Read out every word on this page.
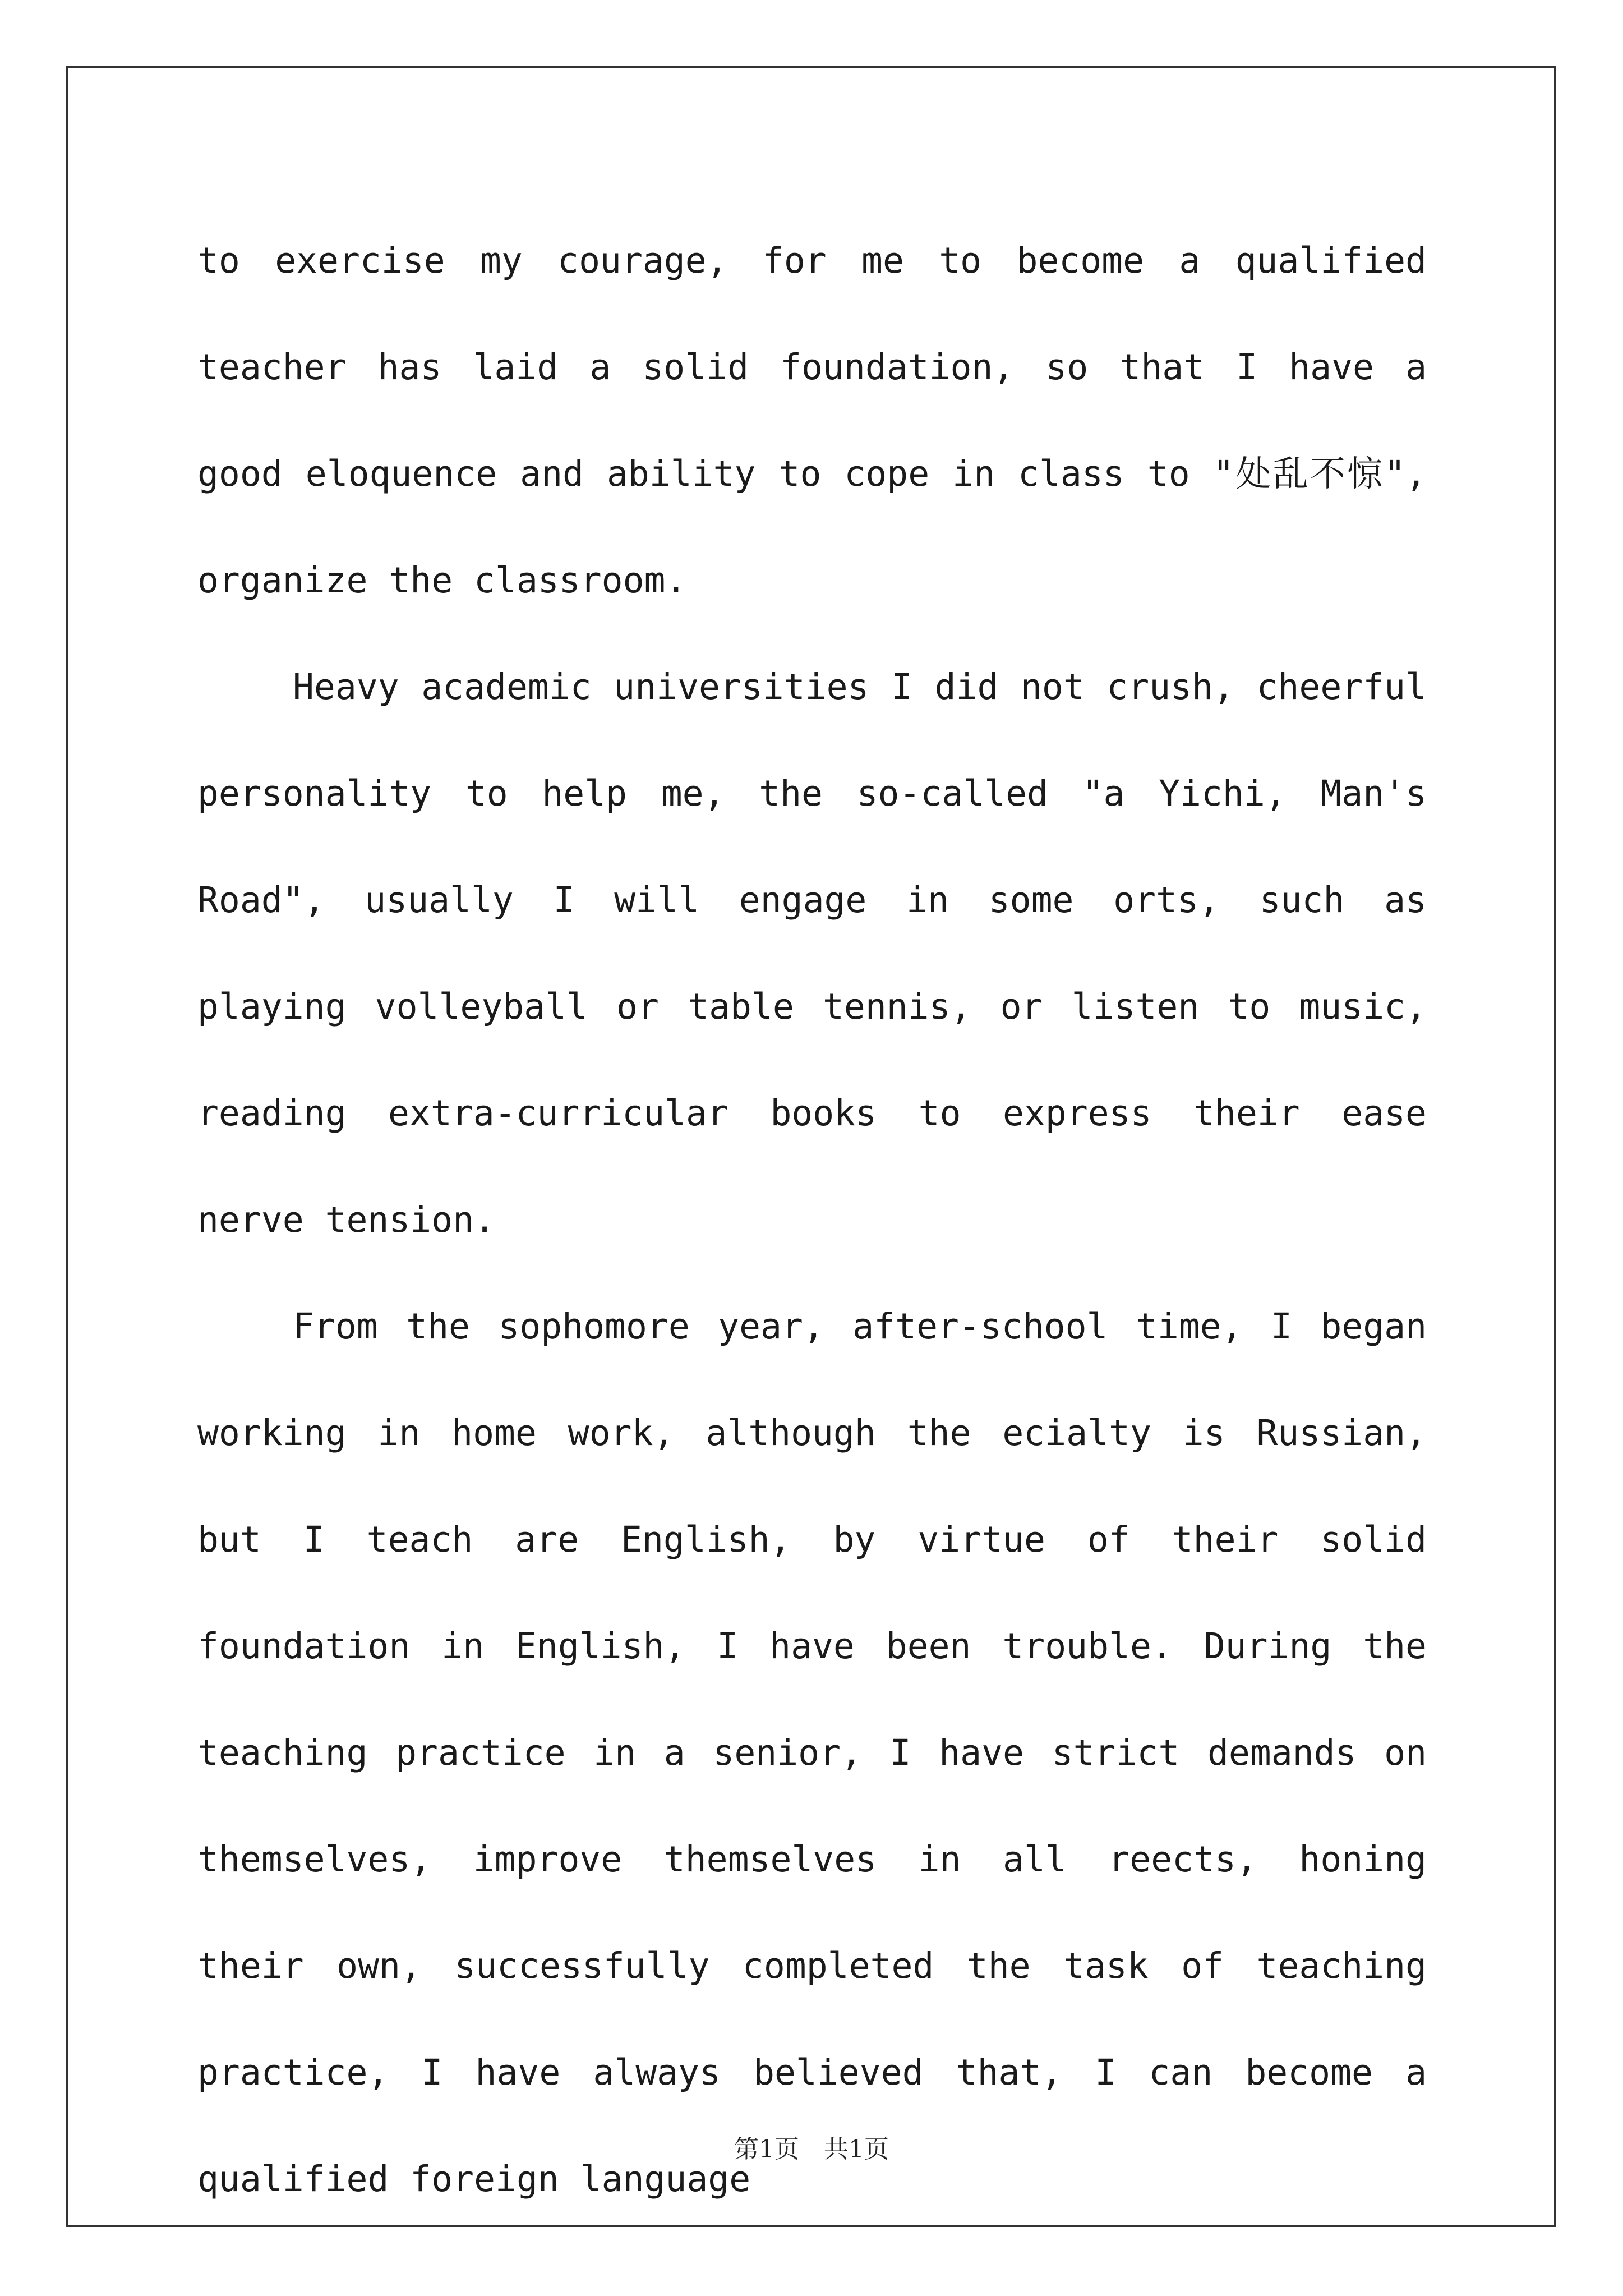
to exercise my courage, for me to become a qualified teacher has laid a solid foundation, so that I have a good eloquence and ability to cope in class to "处乱不惊", organize the classroom.

Heavy academic universities I did not crush, cheerful personality to help me, the so-called "a Yichi, Man's Road", usually I will engage in some orts, such as playing volleyball or table tennis, or listen to music, reading extra-curricular books to express their ease nerve tension.

From the sophomore year, after-school time, I began working in home work, although the ecialty is Russian, but I teach are English, by virtue of their solid foundation in English, I have been trouble. During the teaching practice in a senior, I have strict demands on themselves, improve themselves in all reects, honing their own, successfully completed the task of teaching practice, I have always believed that, I can become a qualified foreign language

第1页　共1页
